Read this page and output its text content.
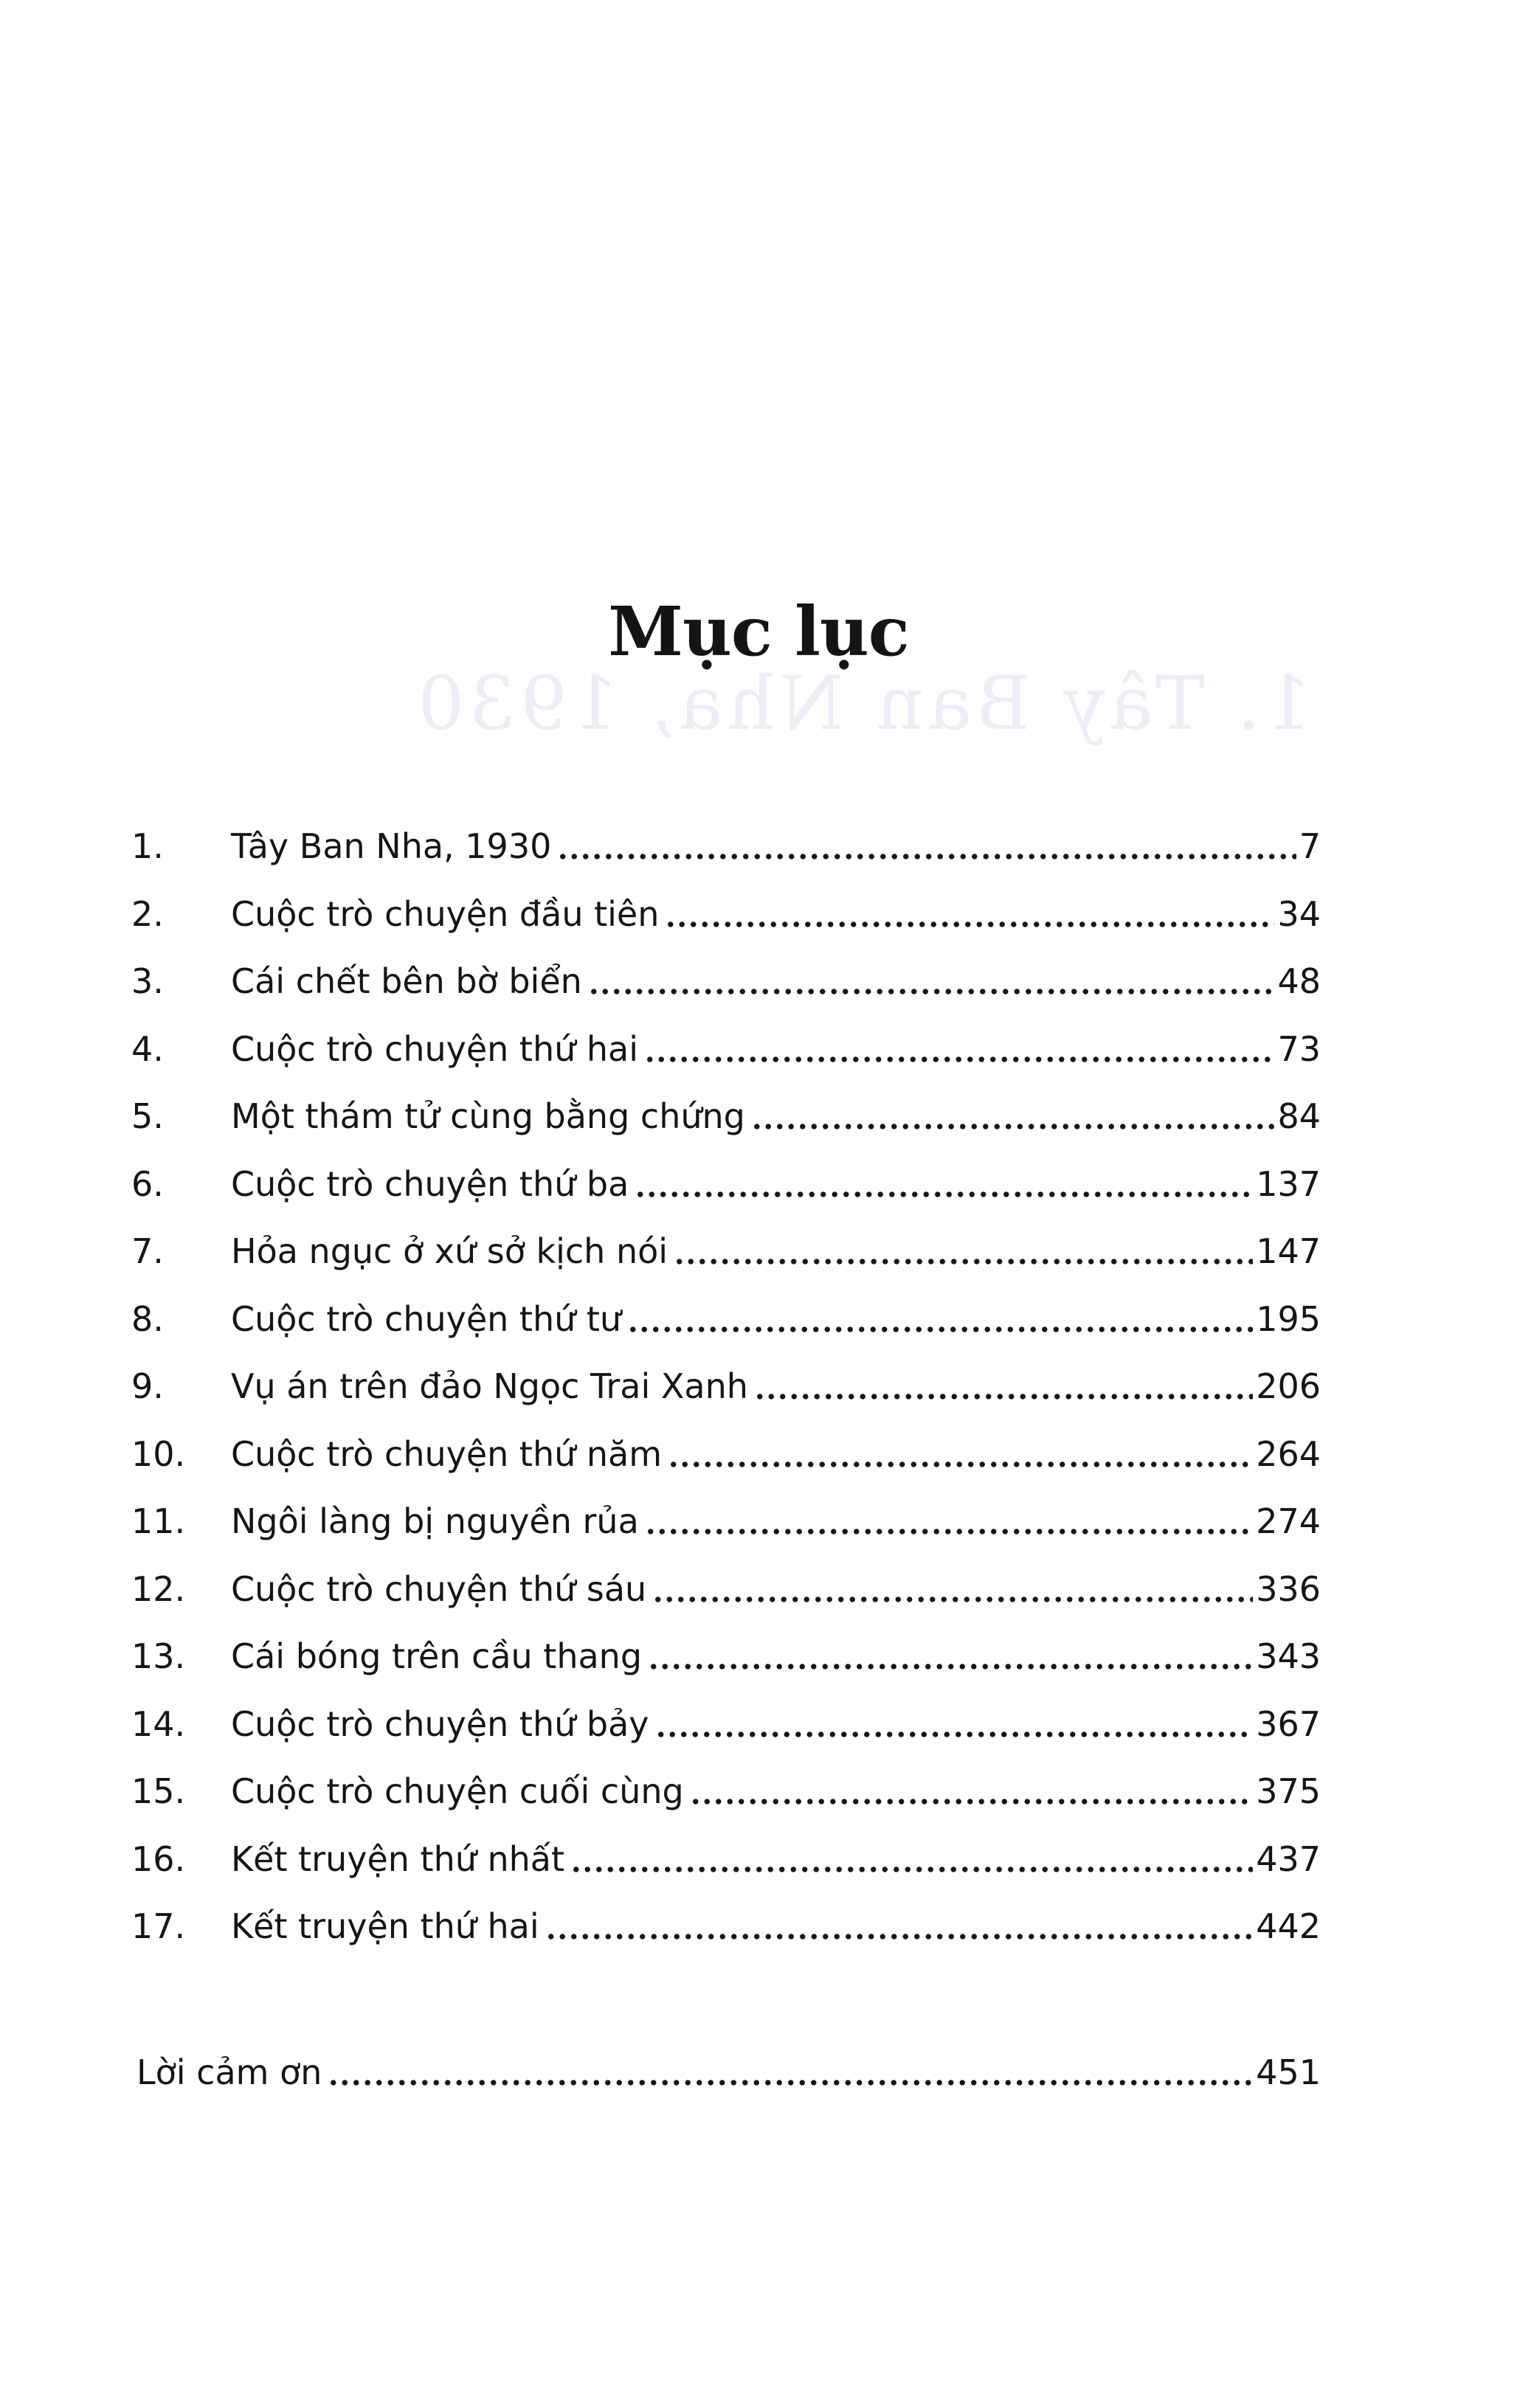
1. Tây Ban Nha, 1930
Mục lục
1.	Tây Ban Nha, 1930	7
2.	Cuộc trò chuyện đầu tiên	34
3.	Cái chết bên bờ biển	48
4.	Cuộc trò chuyện thứ hai	73
5.	Một thám tử cùng bằng chứng	84
6.	Cuộc trò chuyện thứ ba	137
7.	Hỏa ngục ở xứ sở kịch nói	147
8.	Cuộc trò chuyện thứ tư	195
9.	Vụ án trên đảo Ngọc Trai Xanh	206
10.	Cuộc trò chuyện thứ năm	264
11.	Ngôi làng bị nguyền rủa	274
12.	Cuộc trò chuyện thứ sáu	336
13.	Cái bóng trên cầu thang	343
14.	Cuộc trò chuyện thứ bảy	367
15.	Cuộc trò chuyện cuối cùng	375
16.	Kết truyện thứ nhất	437
17.	Kết truyện thứ hai	442
Lời cảm ơn	451
